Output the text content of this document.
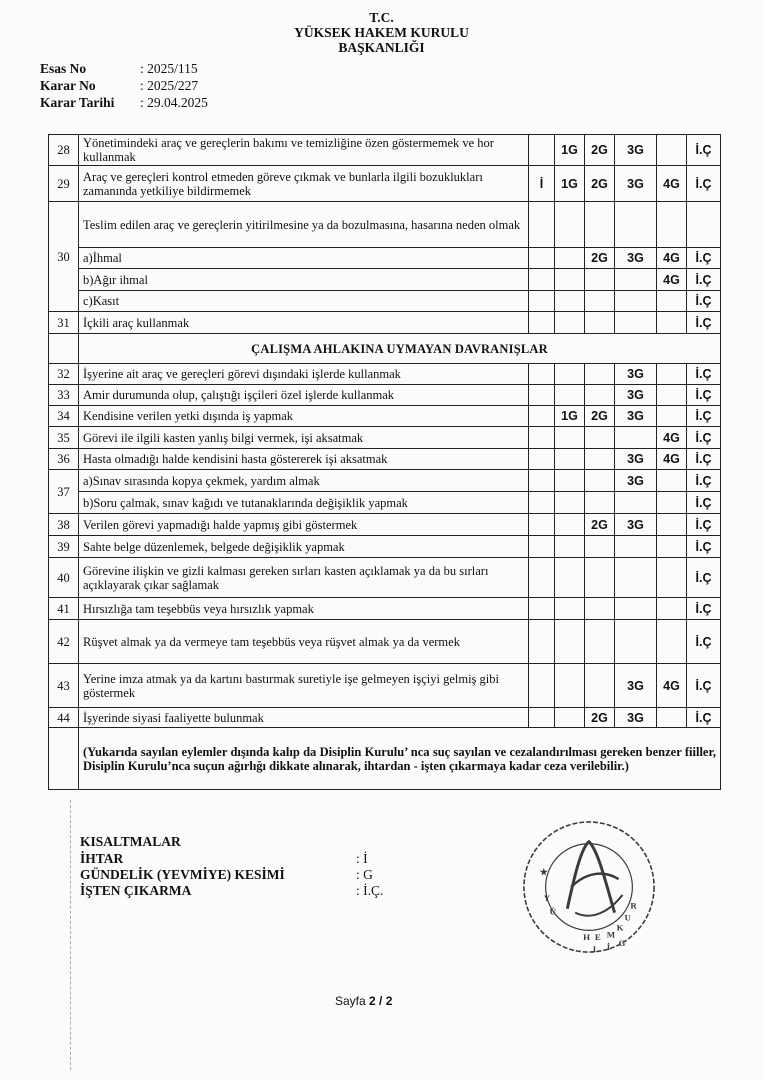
T.C.
YÜKSEK HAKEM KURULU
BAŞKANLIĞI
Esas No	: 2025/115
Karar No	: 2025/227
Karar Tarihi	: 29.04.2025
28	Yönetimindeki araç ve gereçlerin bakımı ve temizliğine özen göstermemek ve hor kullanmak		1G	2G	3G		İ.Ç
29	Araç ve gereçleri kontrol etmeden göreve çıkmak ve bunlarla ilgili bozuklukları zamanında yetkiliye bildirmemek	İ	1G	2G	3G	4G	İ.Ç
30	Teslim edilen araç ve gereçlerin yitirilmesine ya da bozulmasına, hasarına neden olmak						
	a)İhmal			2G	3G	4G	İ.Ç
	b)Ağır ihmal					4G	İ.Ç
	c)Kasıt						İ.Ç
31	İçkili araç kullanmak						İ.Ç
	ÇALIŞMA AHLAKINA UYMAYAN DAVRANIŞLAR						
32	İşyerine ait araç ve gereçleri görevi dışındaki işlerde kullanmak				3G		İ.Ç
33	Amir durumunda olup, çalıştığı işçileri özel işlerde kullanmak				3G		İ.Ç
34	Kendisine verilen yetki dışında iş yapmak		1G	2G	3G		İ.Ç
35	Görevi ile ilgili kasten yanlış bilgi vermek, işi aksatmak					4G	İ.Ç
36	Hasta olmadığı halde kendisini hasta göstererek işi aksatmak				3G	4G	İ.Ç
37	a)Sınav sırasında kopya çekmek, yardım almak				3G		İ.Ç
	b)Soru çalmak, sınav kağıdı ve tutanaklarında değişiklik yapmak						İ.Ç
38	Verilen görevi yapmadığı halde yapmış gibi göstermek			2G	3G		İ.Ç
39	Sahte belge düzenlemek, belgede değişiklik yapmak						İ.Ç
40	Görevine ilişkin ve gizli kalması gereken sırları kasten açıklamak ya da bu sırları açıklayarak çıkar sağlamak						İ.Ç
41	Hırsızlığa tam teşebbüs veya hırsızlık yapmak						İ.Ç
42	Rüşvet almak ya da vermeye tam teşebbüs veya rüşvet almak ya da vermek						İ.Ç
43	Yerine imza atmak ya da kartını bastırmak suretiyle işe gelmeyen işçiyi gelmiş gibi göstermek				3G	4G	İ.Ç
44	İşyerinde siyasi faaliyette bulunmak			2G	3G		İ.Ç
	(Yukarıda sayılan eylemler dışında kalıp da Disiplin Kurulu’ nca suç sayılan ve cezalandırılması gereken benzer fiiller, Disiplin Kurulu’nca suçun ağırlığı dikkate alınarak, ihtardan - işten çıkarmaya kadar ceza verilebilir.)						
KISALTMALAR
İHTAR	: İ
GÜNDELİK (YEVMİYE) KESİMİ	: G
İŞTEN ÇIKARMA	: İ.Ç.
★
Y
Ü
H E M
K
U
R
L İ G
Sayfa 2 / 2
